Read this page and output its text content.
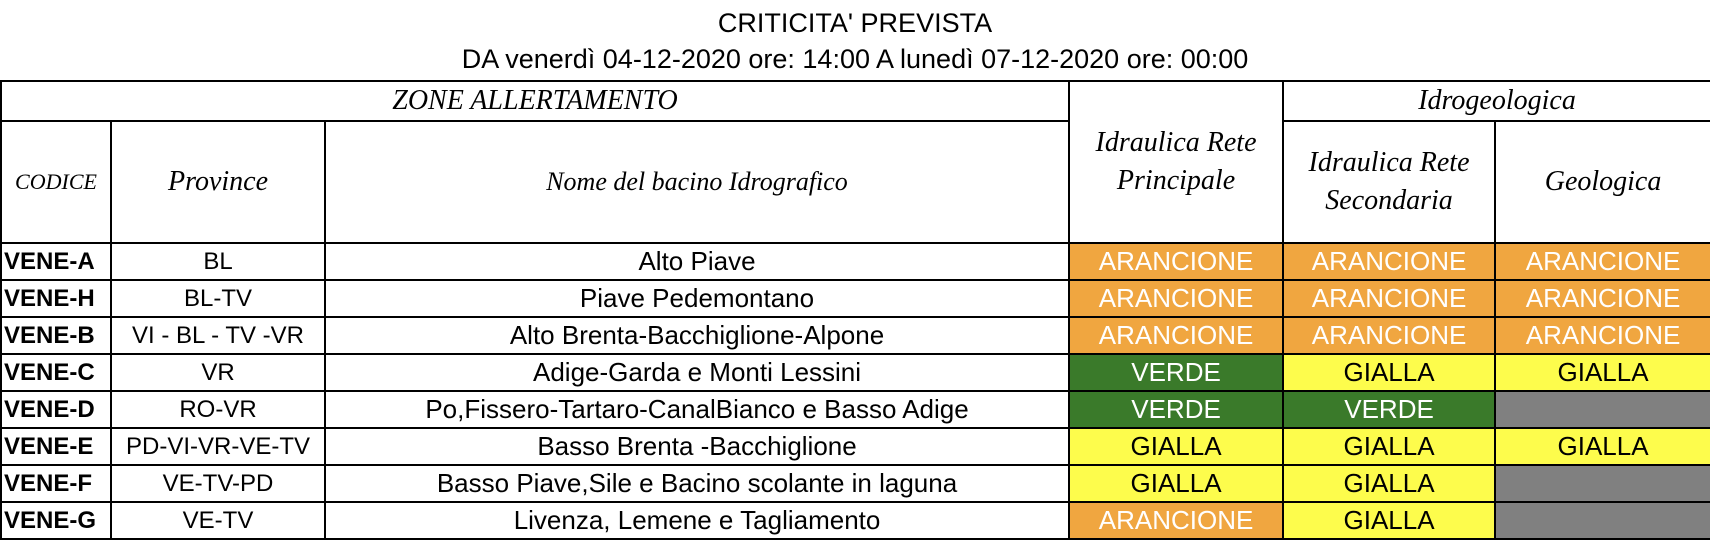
CRITICITA' PREVISTA
DA venerdì 04-12-2020 ore: 14:00 A lunedì 07-12-2020 ore: 00:00
ZONE ALLERTAMENTO			Idraulica Rete Principale	Idrogeologica	
CODICE	Province	Nome del bacino Idrografico		Idraulica Rete Secondaria	Geologica
VENE-A	BL	Alto Piave	ARANCIONE	ARANCIONE	ARANCIONE
VENE-H	BL-TV	Piave Pedemontano	ARANCIONE	ARANCIONE	ARANCIONE
VENE-B	VI - BL - TV -VR	Alto Brenta-Bacchiglione-Alpone	ARANCIONE	ARANCIONE	ARANCIONE
VENE-C	VR	Adige-Garda e Monti Lessini	VERDE	GIALLA	GIALLA
VENE-D	RO-VR	Po,Fissero-Tartaro-CanalBianco e Basso Adige	VERDE	VERDE	
VENE-E	PD-VI-VR-VE-TV	Basso Brenta -Bacchiglione	GIALLA	GIALLA	GIALLA
VENE-F	VE-TV-PD	Basso Piave,Sile e Bacino scolante in laguna	GIALLA	GIALLA	
VENE-G	VE-TV	Livenza, Lemene e Tagliamento	ARANCIONE	GIALLA	
